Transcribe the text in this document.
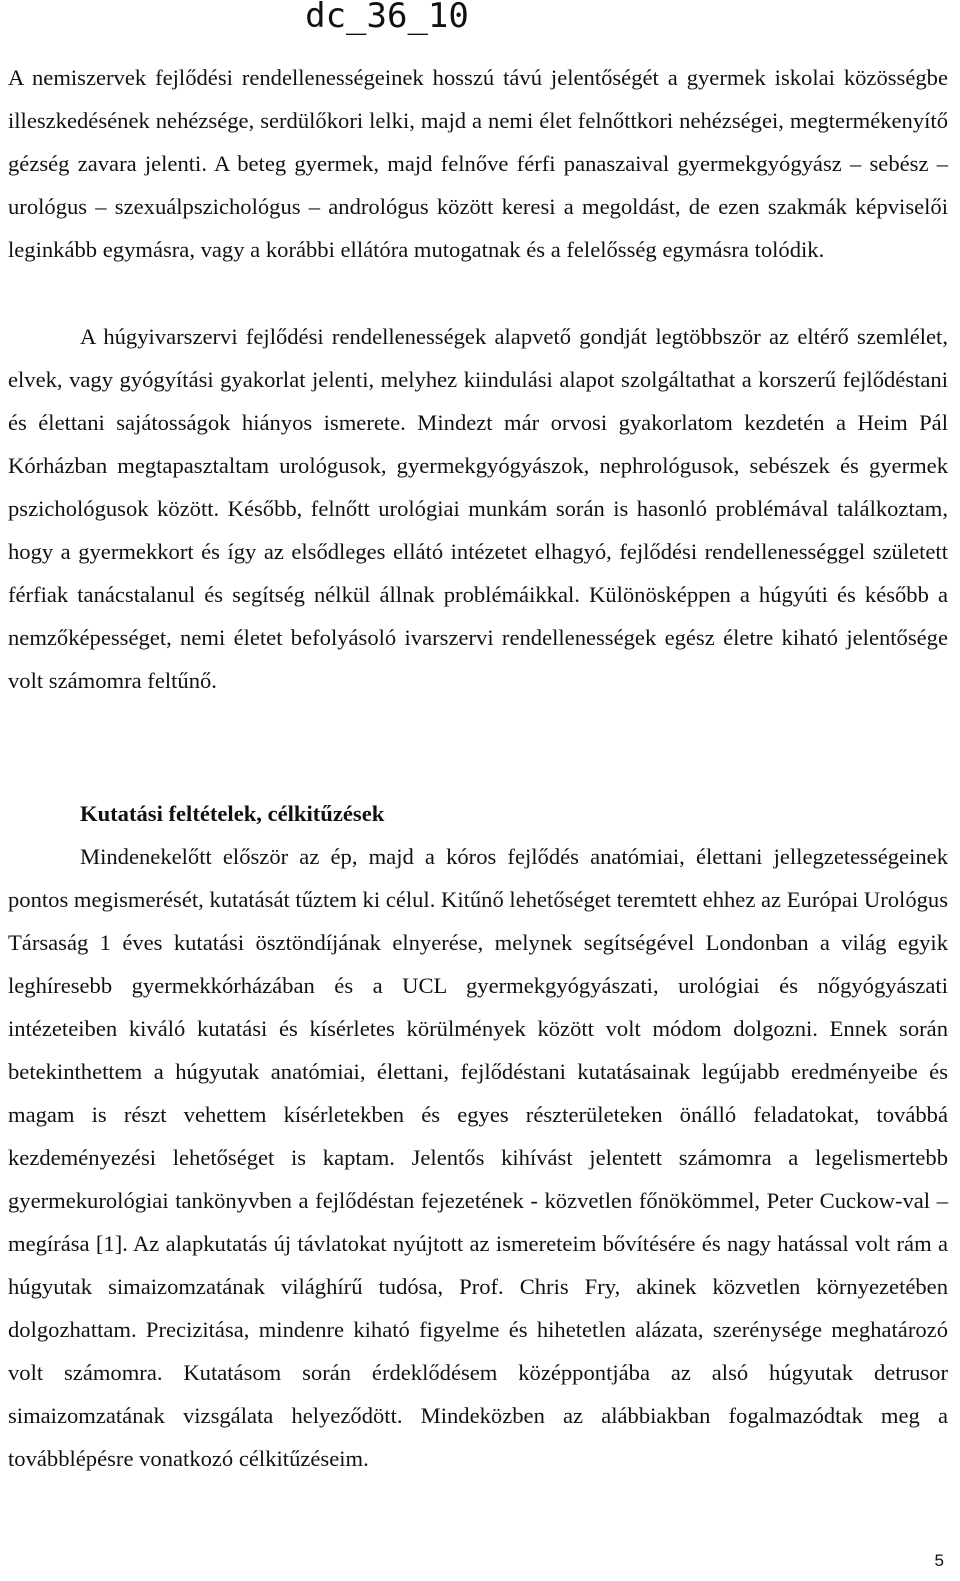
dc_36_10

A nemiszervek fejlődési rendellenességeinek hosszú távú jelentőségét a gyermek iskolai közösségbe illeszkedésének nehézsége, serdülőkori lelki, majd a nemi élet felnőttkori nehézségei, megtermékenyítő gézség zavara jelenti. A beteg gyermek, majd felnőve férfi panaszaival gyermekgyógyász – sebész – urológus – szexuálpszichológus – andrológus között keresi a megoldást, de ezen szakmák képviselői leginkább egymásra, vagy a korábbi ellátóra mutogatnak és a felelősség egymásra tolódik.

A húgyivarszervi fejlődési rendellenességek alapvető gondját legtöbbször az eltérő szemlélet, elvek, vagy gyógyítási gyakorlat jelenti, melyhez kiindulási alapot szolgáltathat a korszerű fejlődéstani és élettani sajátosságok hiányos ismerete. Mindezt már orvosi gyakorlatom kezdetén a Heim Pál Kórházban megtapasztaltam urológusok, gyermekgyógyászok, nephrológusok, sebészek és gyermek pszichológusok között. Később, felnőtt urológiai munkám során is hasonló problémával találkoztam, hogy a gyermekkort és így az elsődleges ellátó intézetet elhagyó, fejlődési rendellenességgel született férfiak tanácstalanul és segítség nélkül állnak problémáikkal. Különösképpen a húgyúti és később a nemzőképességet, nemi életet befolyásoló ivarszervi rendellenességek egész életre kiható jelentősége volt számomra feltűnő.

Kutatási feltételek, célkitűzések

Mindenekelőtt először az ép, majd a kóros fejlődés anatómiai, élettani jellegzetességeinek pontos megismerését, kutatását tűztem ki célul. Kitűnő lehetőséget teremtett ehhez az Európai Urológus Társaság 1 éves kutatási ösztöndíjának elnyerése, melynek segítségével Londonban a világ egyik leghíresebb gyermekkórházában és a UCL gyermekgyógyászati, urológiai és nőgyógyászati intézeteiben kiváló kutatási és kísérletes körülmények között volt módom dolgozni. Ennek során betekinthettem a húgyutak anatómiai, élettani, fejlődéstani kutatásainak legújabb eredményeibe és magam is részt vehettem kísérletekben és egyes részterületeken önálló feladatokat, továbbá kezdeményezési lehetőséget is kaptam. Jelentős kihívást jelentett számomra a legelismertebb gyermekurológiai tankönyvben a fejlődéstan fejezetének - közvetlen főnökömmel, Peter Cuckow-val – megírása [1]. Az alapkutatás új távlatokat nyújtott az ismereteim bővítésére és nagy hatással volt rám a húgyutak simaizomzatának világhírű tudósa, Prof. Chris Fry, akinek közvetlen környezetében dolgozhattam. Precizitása, mindenre kiható figyelme és hihetetlen alázata, szerénysége meghatározó volt számomra. Kutatásom során érdeklődésem középpontjába az alsó húgyutak detrusor simaizomzatának vizsgálata helyeződött. Mindeközben az alábbiakban fogalmazódtak meg a továbblépésre vonatkozó célkitűzéseim.

5
